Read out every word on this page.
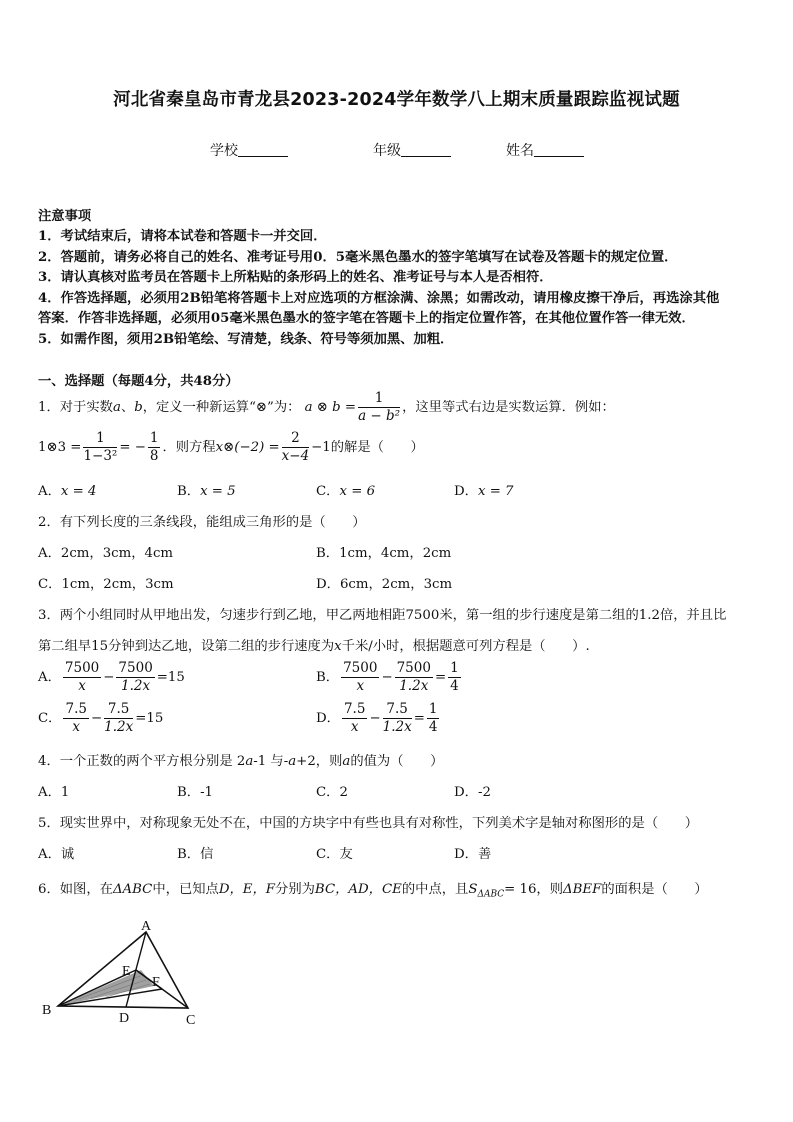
河北省秦皇岛市青龙县2023-2024学年数学八上期末质量跟踪监视试题
学校	年级	姓名
注意事项
1．考试结束后，请将本试卷和答题卡一并交回．
2．答题前，请务必将自己的姓名、准考证号用0．5毫米黑色墨水的签字笔填写在试卷及答题卡的规定位置．
3．请认真核对监考员在答题卡上所粘贴的条形码上的姓名、准考证号与本人是否相符．
4．作答选择题，必须用2B铅笔将答题卡上对应选项的方框涂满、涂黑；如需改动，请用橡皮擦干净后，再选涂其他
答案．作答非选择题，必须用05毫米黑色墨水的签字笔在答题卡上的指定位置作答，在其他位置作答一律无效．
5．如需作图，须用2B铅笔绘、写清楚，线条、符号等须加黑、加粗．
一、选择题（每题4分，共48分）
1．对于实数a、b，定义一种新运算“⊗”为： a ⊗ $b = \frac{1}{\text{a − b²}}$ ，这里等式右边是实数运算．例如：
1⊗3 = $\frac{1}{\text{1−3²}}$ = − $\frac{1}{8}$ ．则方程x⊗(−2) = $\frac{2}{x-4} -1$的解是（　　）
A．x = 4	B．x = 5	C．x = 6	D．x = 7
2．有下列长度的三条线段，能组成三角形的是（　　）
A．2cm，3cm，4cm	B．1cm，4cm，2cm
C．1cm，2cm，3cm	D．6cm，2cm，3cm
3．两个小组同时从甲地出发，匀速步行到乙地，甲乙两地相距7500米，第一组的步行速度是第二组的1.2倍，并且比
第二组早15分钟到达乙地，设第二组的步行速度为x千米/小时，根据题意可列方程是（　　）.
A． $\frac{7500}{x} - \frac{7500}{1.2x} =15$	B． $\frac{7500}{x} - \frac{7500}{1.2x} = \frac{1}{4}$
C． $\frac{7.5}{x} - \frac{7.5}{1.2x} =15$	D． $\frac{7.5}{x} - \frac{7.5}{1.2x} = \frac{1}{4}$
4．一个正数的两个平方根分别是 2a-1 与-a+2，则a的值为（　　）
A．1	B．-1	C．2	D．-2
5．现实世界中，对称现象无处不在，中国的方块字中有些也具有对称性，下列美术字是轴对称图形的是（　　）
A．诚	B．信	C．友	D．善
6．如图，在ΔABC中，已知点D，E，F分别为BC，AD，CE的中点，且$S_{\Delta ABC}= 16$，则ΔBEF的面积是（　　）
A
B
C
D
E
F
